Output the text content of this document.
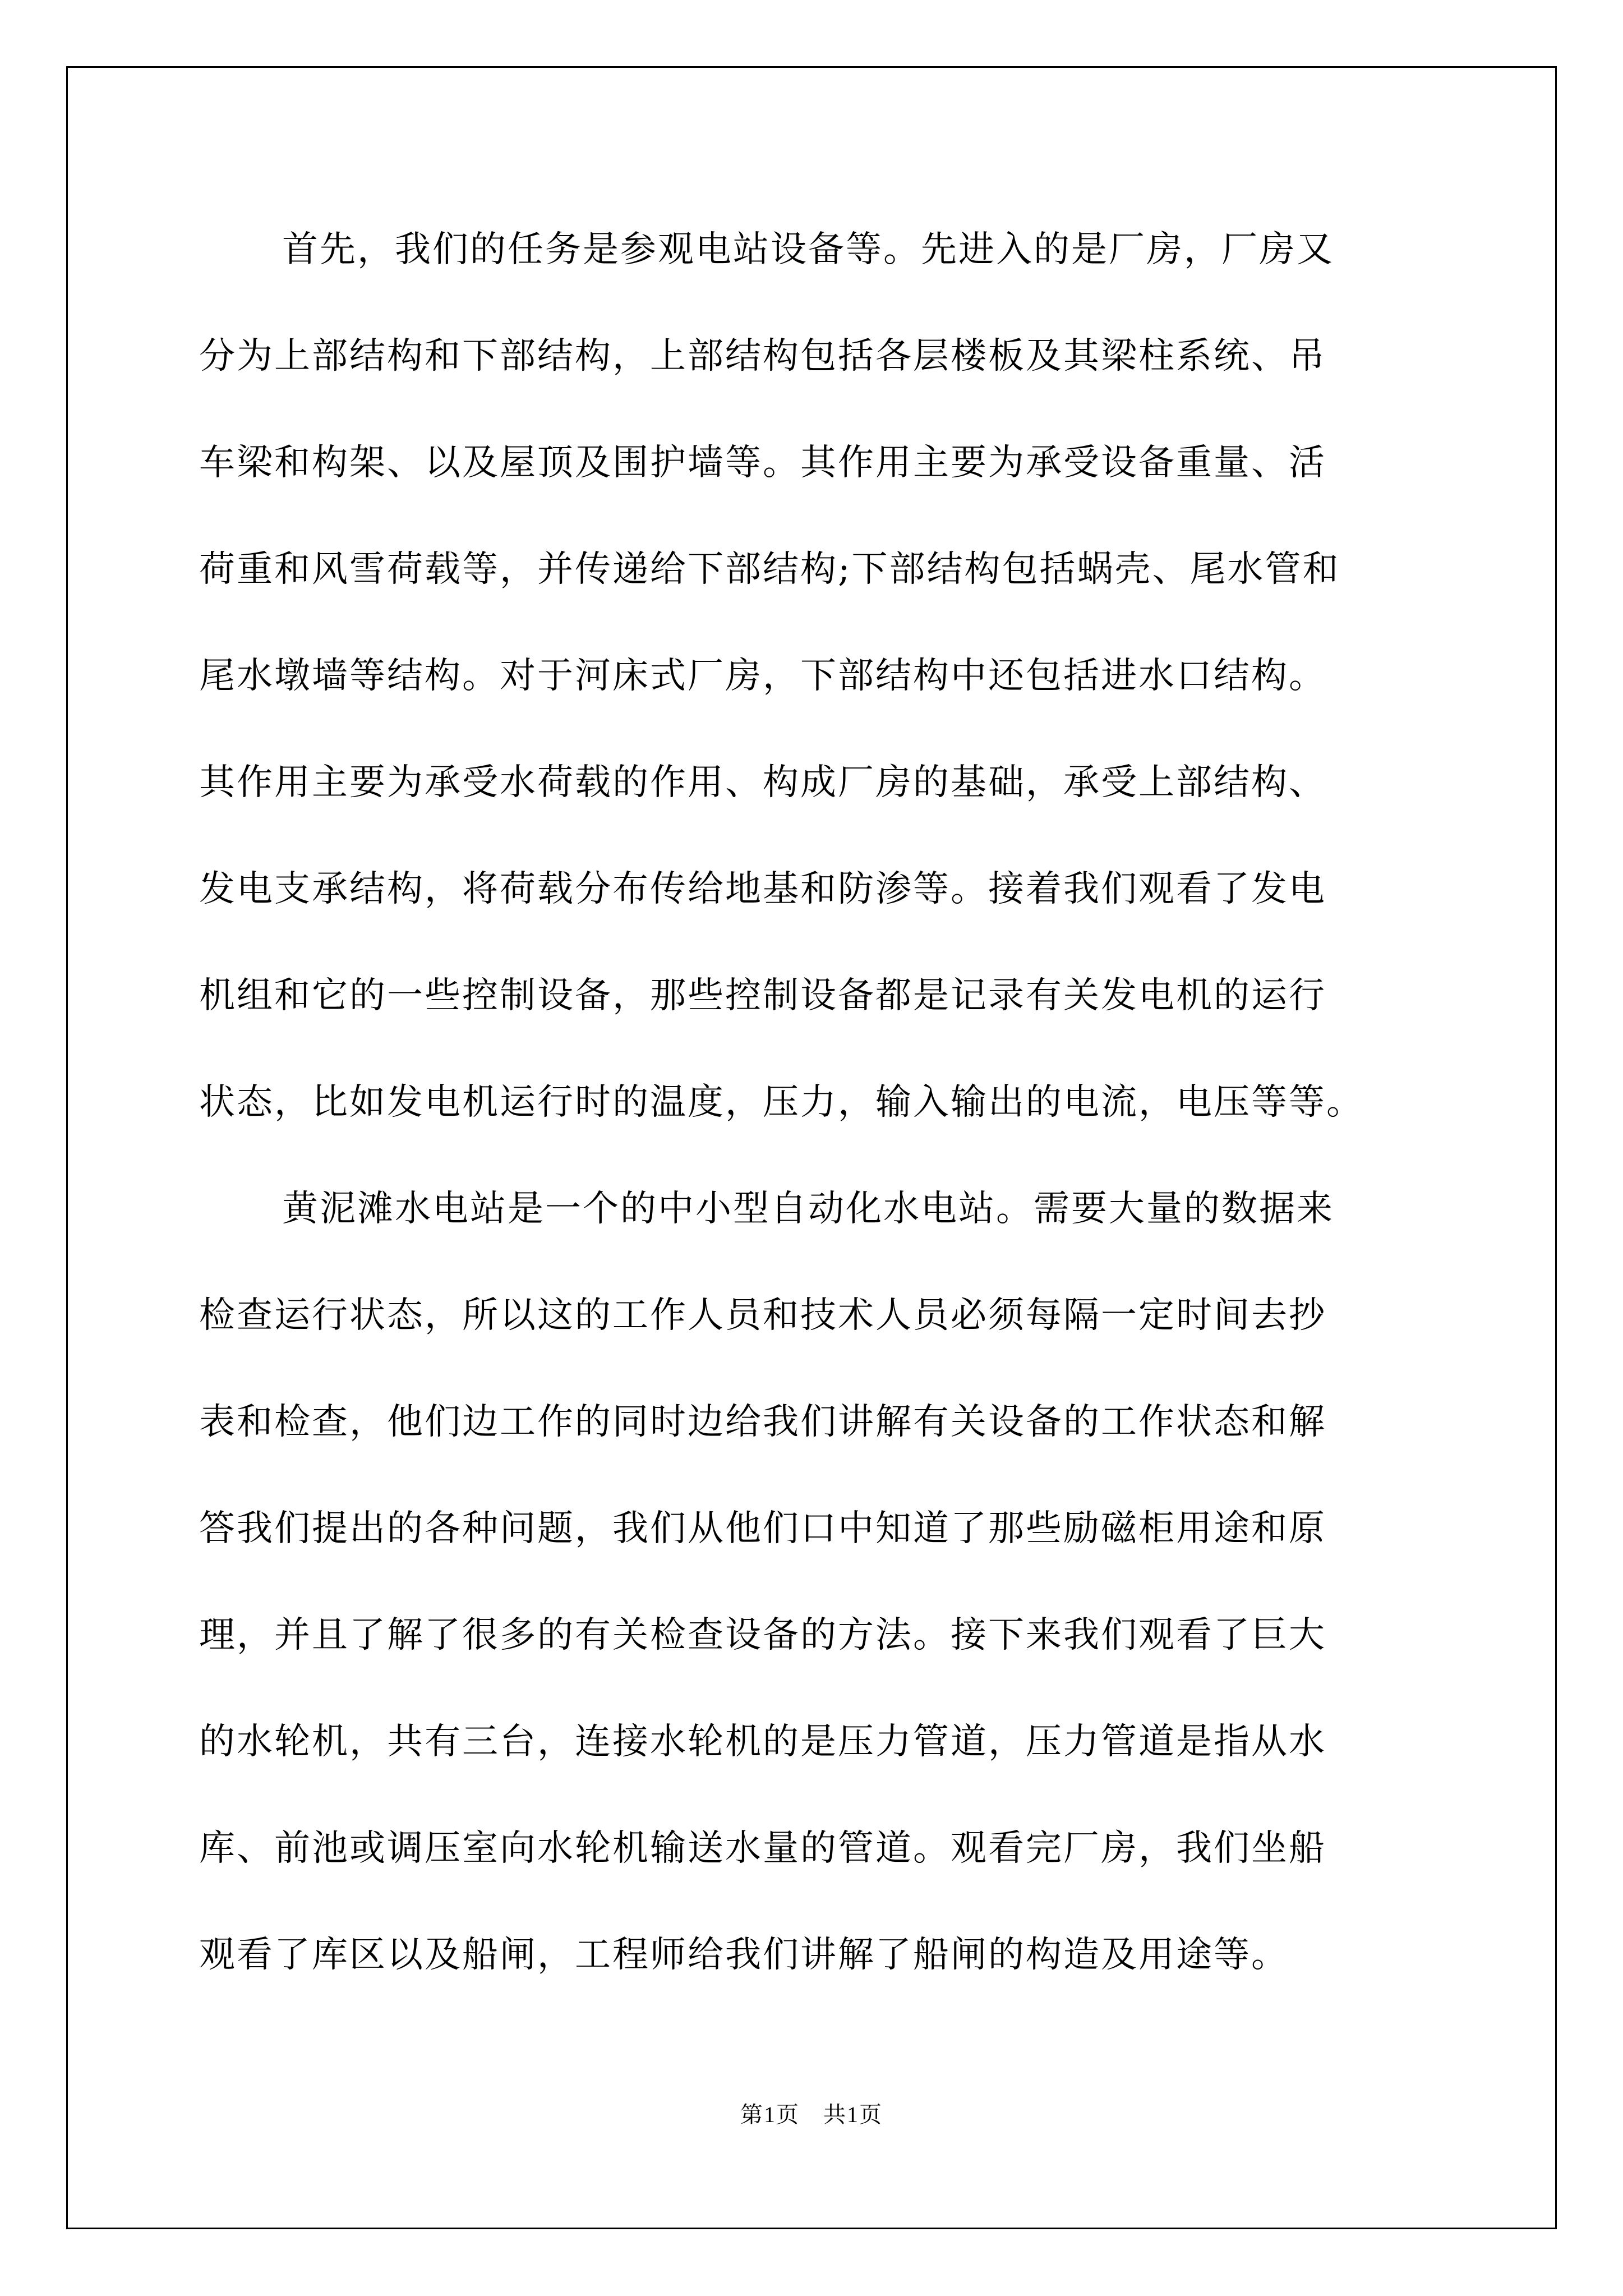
首先，我们的任务是参观电站设备等。先进入的是厂房，厂房又
分为上部结构和下部结构，上部结构包括各层楼板及其梁柱系统、吊
车梁和构架、以及屋顶及围护墙等。其作用主要为承受设备重量、活
荷重和风雪荷载等，并传递给下部结构;下部结构包括蜗壳、尾水管和
尾水墩墙等结构。对于河床式厂房，下部结构中还包括进水口结构。
其作用主要为承受水荷载的作用、构成厂房的基础，承受上部结构、
发电支承结构，将荷载分布传给地基和防渗等。接着我们观看了发电
机组和它的一些控制设备，那些控制设备都是记录有关发电机的运行
状态，比如发电机运行时的温度，压力，输入输出的电流，电压等等。
黄泥滩水电站是一个的中小型自动化水电站。需要大量的数据来
检查运行状态，所以这的工作人员和技术人员必须每隔一定时间去抄
表和检查，他们边工作的同时边给我们讲解有关设备的工作状态和解
答我们提出的各种问题，我们从他们口中知道了那些励磁柜用途和原
理，并且了解了很多的有关检查设备的方法。接下来我们观看了巨大
的水轮机，共有三台，连接水轮机的是压力管道，压力管道是指从水
库、前池或调压室向水轮机输送水量的管道。观看完厂房，我们坐船
观看了库区以及船闸，工程师给我们讲解了船闸的构造及用途等。
第1页　共1页
